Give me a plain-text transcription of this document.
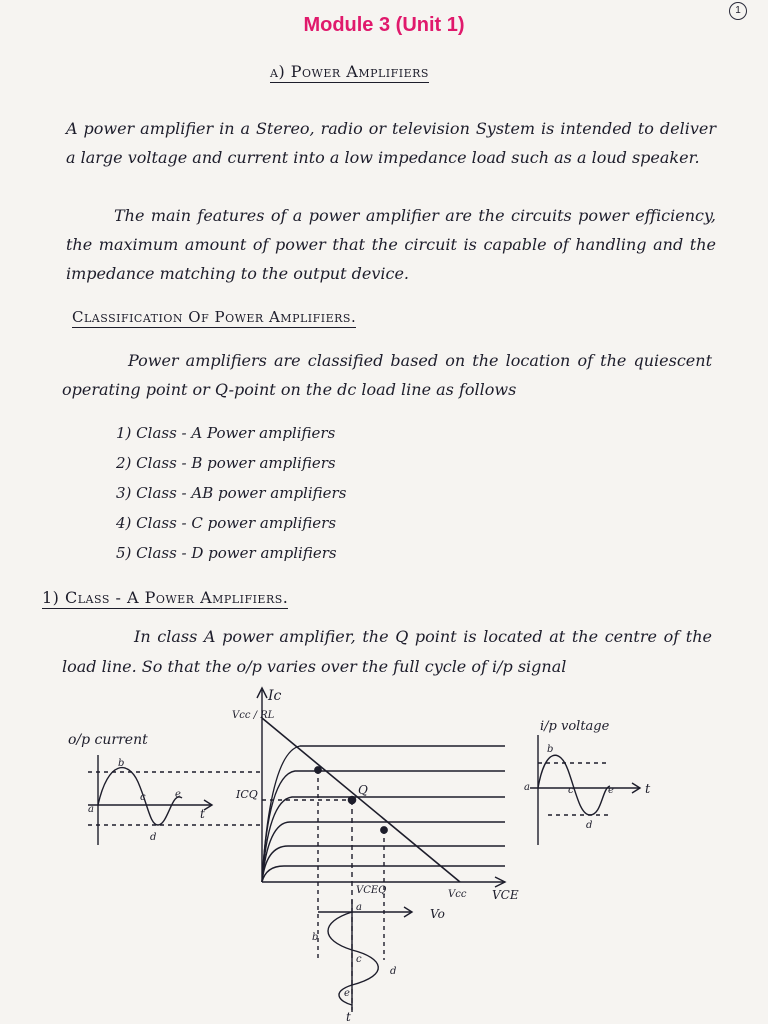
Module 3 (Unit 1)
1
a) Power Amplifiers
A power amplifier in a Stereo, radio or television System is intended to deliver a large voltage and current into a low impedance load such as a loud speaker.
The main features of a power amplifier are the circuits power efficiency, the maximum amount of power that the circuit is capable of handling and the impedance matching to the output device.
Classification Of Power Amplifiers.
Power amplifiers are classified based on the location of the quiescent operating point or Q-point on the dc load line as follows
1) Class - A Power amplifiers
2) Class - B power amplifiers
3) Class - AB power amplifiers
4) Class - C power amplifiers
5) Class - D power amplifiers
1) Class - A Power Amplifiers.
In class A power amplifier, the Q point is located at the centre of the load line. So that the o/p varies over the full cycle of i/p signal
o/p current
i/p voltage
Ic
Vcc / RL
ICQ	Q
VCEQ	Vcc VCE
Vo
t
t
t
a
b
c
d
e
a
b
c
d
e
a
b
c
d
e
